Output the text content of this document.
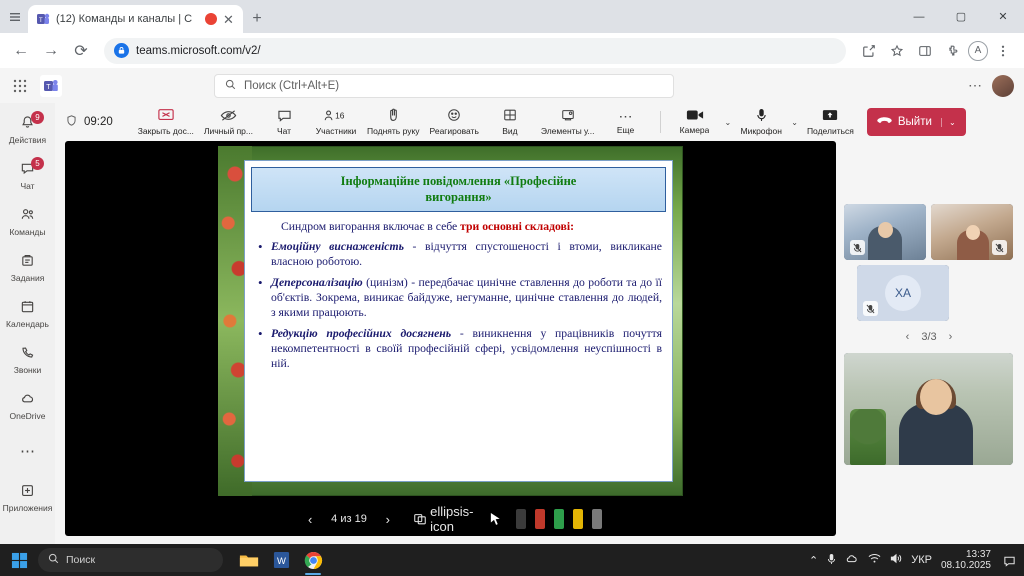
T (12) Команды и каналы | С	✕	+	—	▢	✕
← → ⟳	teams.microsoft.com/v2/	A
T	Поиск (Ctrl+Alt+E)	⋯
9
Действия
5
Чат
Команды
Задания
Календарь
Звонки
OneDrive
⋯
Приложения
09:20
Закрыть дос... Личный пр...	Чат
16
Участники Поднять руку Реагировать	Вид	Элементы у...
⋯
Еще	Камера
⌄
Микрофон
⌄
Поделиться
Выйти	⌄
Інформаційне повідомлення «Професійне
вигорання»
Синдром вигорання включає в себе три основні складові:
• Емоційну виснаженість - відчуття спустошеності і втоми, викликане власною роботою.
• Деперсоналізацію (цинізм) - передбачає цинічне ставлення до роботи та до її об'єктів. Зокрема, виникає байдуже, негуманне, цинічне ставлення до людей, з якими працюють.
• Редукцію професійних досягнень - виникнення у працівників почуття некомпетентності в своїй професійній сфері, усвідомлення неуспішності в ній.
‹	4 из 19	›	ellipsis-icon
ХА
‹ 3/3 ›
Поиск	W	⌃	УКР	13:37
08.10.2025
